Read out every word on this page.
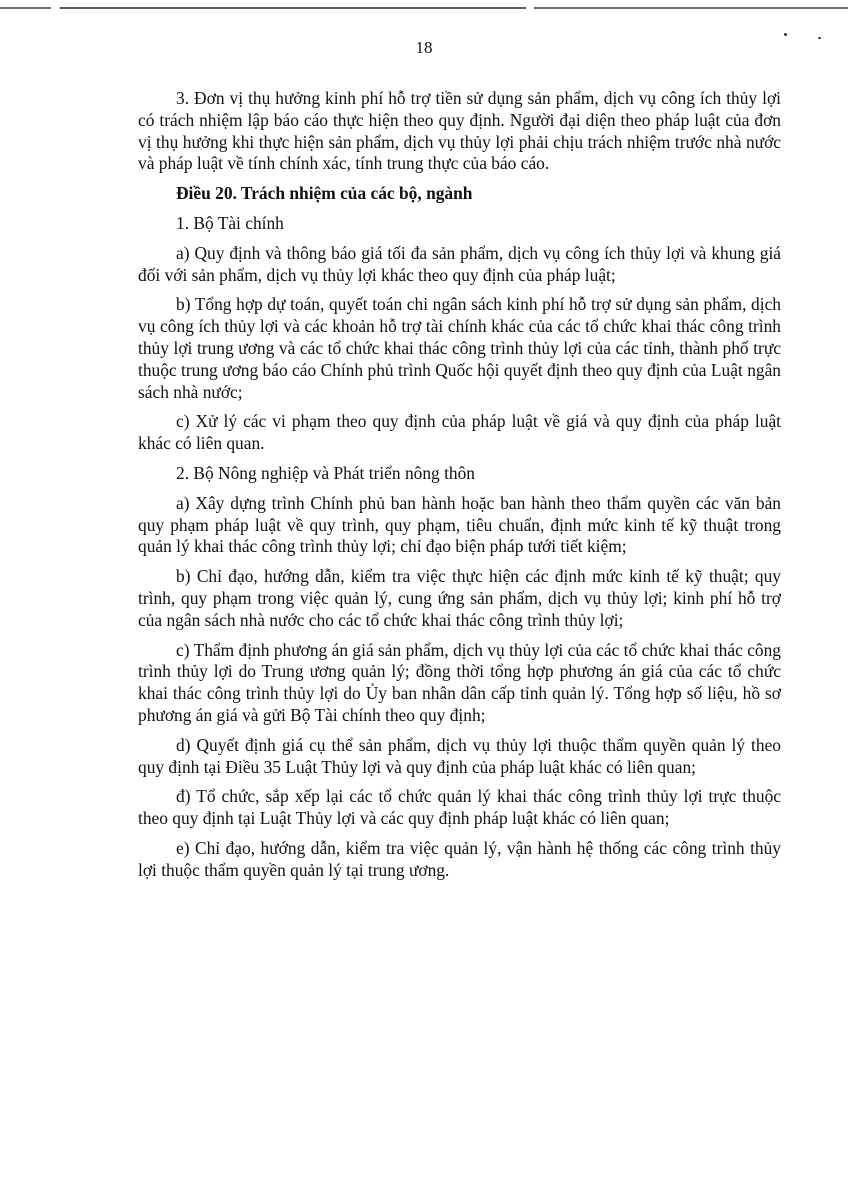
18

3. Đơn vị thụ hưởng kinh phí hỗ trợ tiền sử dụng sản phẩm, dịch vụ công ích thủy lợi có trách nhiệm lập báo cáo thực hiện theo quy định. Người đại diện theo pháp luật của đơn vị thụ hưởng khi thực hiện sản phẩm, dịch vụ thủy lợi phải chịu trách nhiệm trước nhà nước và pháp luật về tính chính xác, tính trung thực của báo cáo.

Điều 20. Trách nhiệm của các bộ, ngành

1. Bộ Tài chính

a) Quy định và thông báo giá tối đa sản phẩm, dịch vụ công ích thủy lợi và khung giá đối với sản phẩm, dịch vụ thủy lợi khác theo quy định của pháp luật;

b) Tổng hợp dự toán, quyết toán chi ngân sách kinh phí hỗ trợ sử dụng sản phẩm, dịch vụ công ích thủy lợi và các khoản hỗ trợ tài chính khác của các tổ chức khai thác công trình thủy lợi trung ương và các tổ chức khai thác công trình thủy lợi của các tỉnh, thành phố trực thuộc trung ương báo cáo Chính phủ trình Quốc hội quyết định theo quy định của Luật ngân sách nhà nước;

c) Xử lý các vi phạm theo quy định của pháp luật về giá và quy định của pháp luật khác có liên quan.

2. Bộ Nông nghiệp và Phát triển nông thôn

a) Xây dựng trình Chính phủ ban hành hoặc ban hành theo thẩm quyền các văn bản quy phạm pháp luật về quy trình, quy phạm, tiêu chuẩn, định mức kinh tế kỹ thuật trong quản lý khai thác công trình thủy lợi; chỉ đạo biện pháp tưới tiết kiệm;

b) Chỉ đạo, hướng dẫn, kiểm tra việc thực hiện các định mức kinh tế kỹ thuật; quy trình, quy phạm trong việc quản lý, cung ứng sản phẩm, dịch vụ thủy lợi; kinh phí hỗ trợ của ngân sách nhà nước cho các tổ chức khai thác công trình thủy lợi;

c) Thẩm định phương án giá sản phẩm, dịch vụ thủy lợi của các tổ chức khai thác công trình thủy lợi do Trung ương quản lý; đồng thời tổng hợp phương án giá của các tổ chức khai thác công trình thủy lợi do Ủy ban nhân dân cấp tỉnh quản lý. Tổng hợp số liệu, hồ sơ phương án giá và gửi Bộ Tài chính theo quy định;

d) Quyết định giá cụ thể sản phẩm, dịch vụ thủy lợi thuộc thẩm quyền quản lý theo quy định tại Điều 35 Luật Thủy lợi và quy định của pháp luật khác có liên quan;

đ) Tổ chức, sắp xếp lại các tổ chức quản lý khai thác công trình thủy lợi trực thuộc theo quy định tại Luật Thủy lợi và các quy định pháp luật khác có liên quan;

e) Chỉ đạo, hướng dẫn, kiểm tra việc quản lý, vận hành hệ thống các công trình thủy lợi thuộc thẩm quyền quản lý tại trung ương.
